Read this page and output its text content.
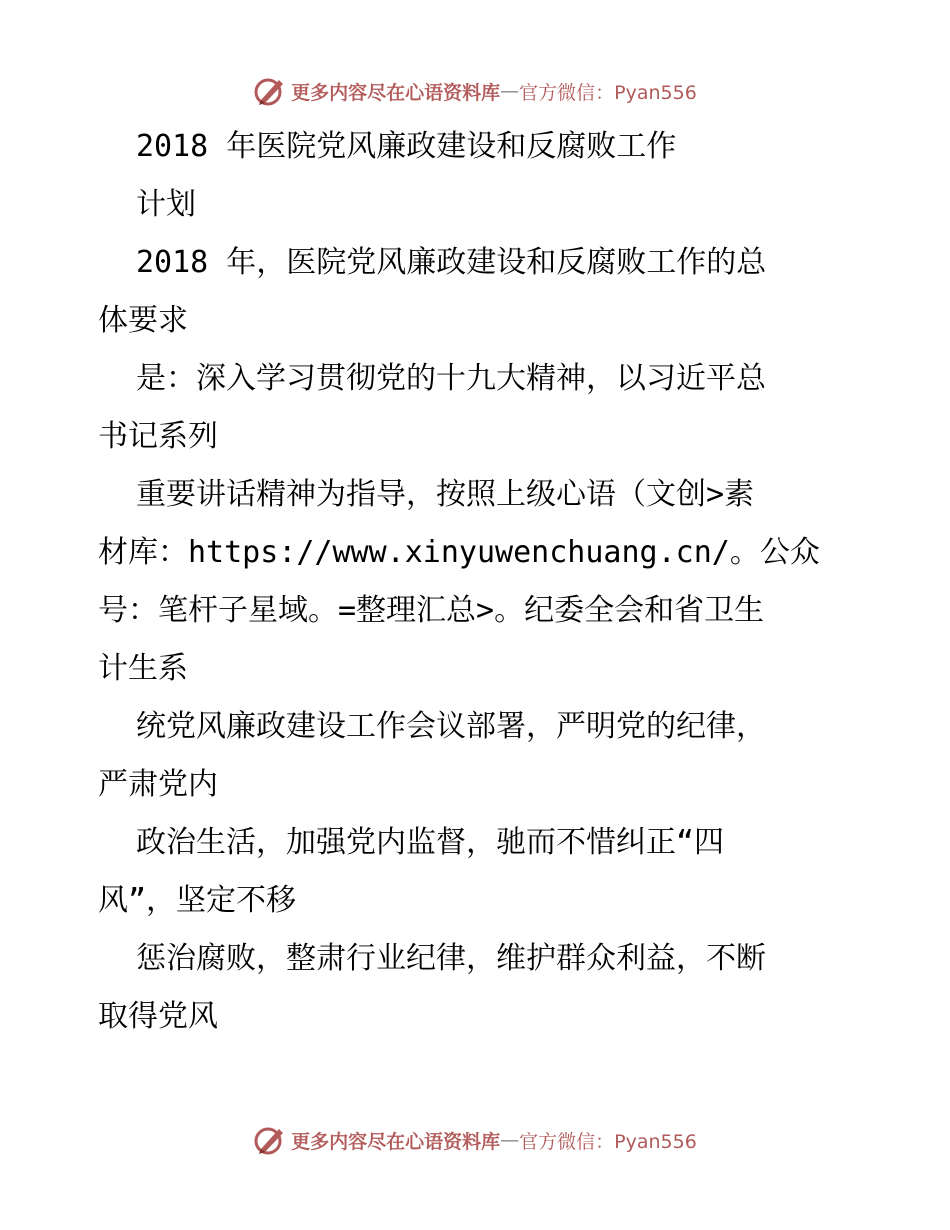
更多内容尽在心语资料库 — 官方微信：Pyan556

2018 年医院党风廉政建设和反腐败工作

计划

2018 年，医院党风廉政建设和反腐败工作的总

体要求

是：深入学习贯彻党的十九大精神，以习近平总

书记系列

重要讲话精神为指导，按照上级心语（文创>素

材库：https://www.xinyuwenchuang.cn/。公众

号：笔杆子星域。=整理汇总>。纪委全会和省卫生

计生系

统党风廉政建设工作会议部署，严明党的纪律，

严肃党内

政治生活，加强党内监督，驰而不惜纠正“四

风”，坚定不移

惩治腐败，整肃行业纪律，维护群众利益，不断

取得党风

更多内容尽在心语资料库 — 官方微信：Pyan556
